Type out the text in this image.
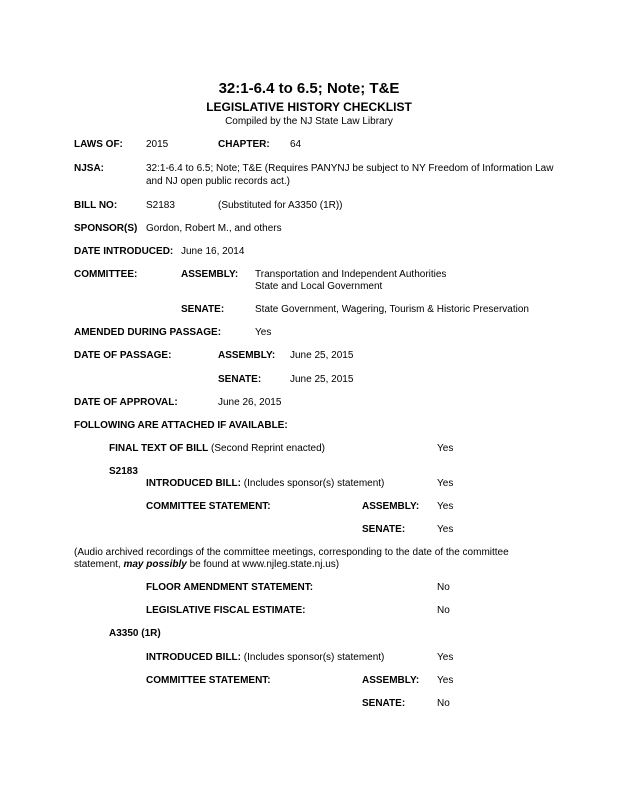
32:1-6.4 to 6.5; Note; T&E
LEGISLATIVE HISTORY CHECKLIST
Compiled by the NJ State Law Library
LAWS OF: 2015	CHAPTER: 64
NJSA:	32:1-6.4 to 6.5; Note; T&E (Requires PANYNJ be subject to NY Freedom of Information Law
and NJ open public records act.)
BILL NO:	S2183	(Substituted for A3350 (1R))
SPONSOR(S) Gordon, Robert M., and others
DATE INTRODUCED: June 16, 2014
COMMITTEE:	ASSEMBLY: Transportation and Independent Authorities
State and Local Government
SENATE:	State Government, Wagering, Tourism & Historic Preservation
AMENDED DURING PASSAGE:	Yes
DATE OF PASSAGE:	ASSEMBLY: June 25, 2015
SENATE:	June 25, 2015
DATE OF APPROVAL:	June 26, 2015
FOLLOWING ARE ATTACHED IF AVAILABLE:
FINAL TEXT OF BILL (Second Reprint enacted)	Yes
S2183
INTRODUCED BILL: (Includes sponsor(s) statement)	Yes
COMMITTEE STATEMENT:	ASSEMBLY: Yes
SENATE:	Yes
(Audio archived recordings of the committee meetings, corresponding to the date of the committee
statement, may possibly be found at www.njleg.state.nj.us)
FLOOR AMENDMENT STATEMENT:	No
LEGISLATIVE FISCAL ESTIMATE:	No
A3350 (1R)
INTRODUCED BILL: (Includes sponsor(s) statement)	Yes
COMMITTEE STATEMENT:	ASSEMBLY: Yes
SENATE:	No
